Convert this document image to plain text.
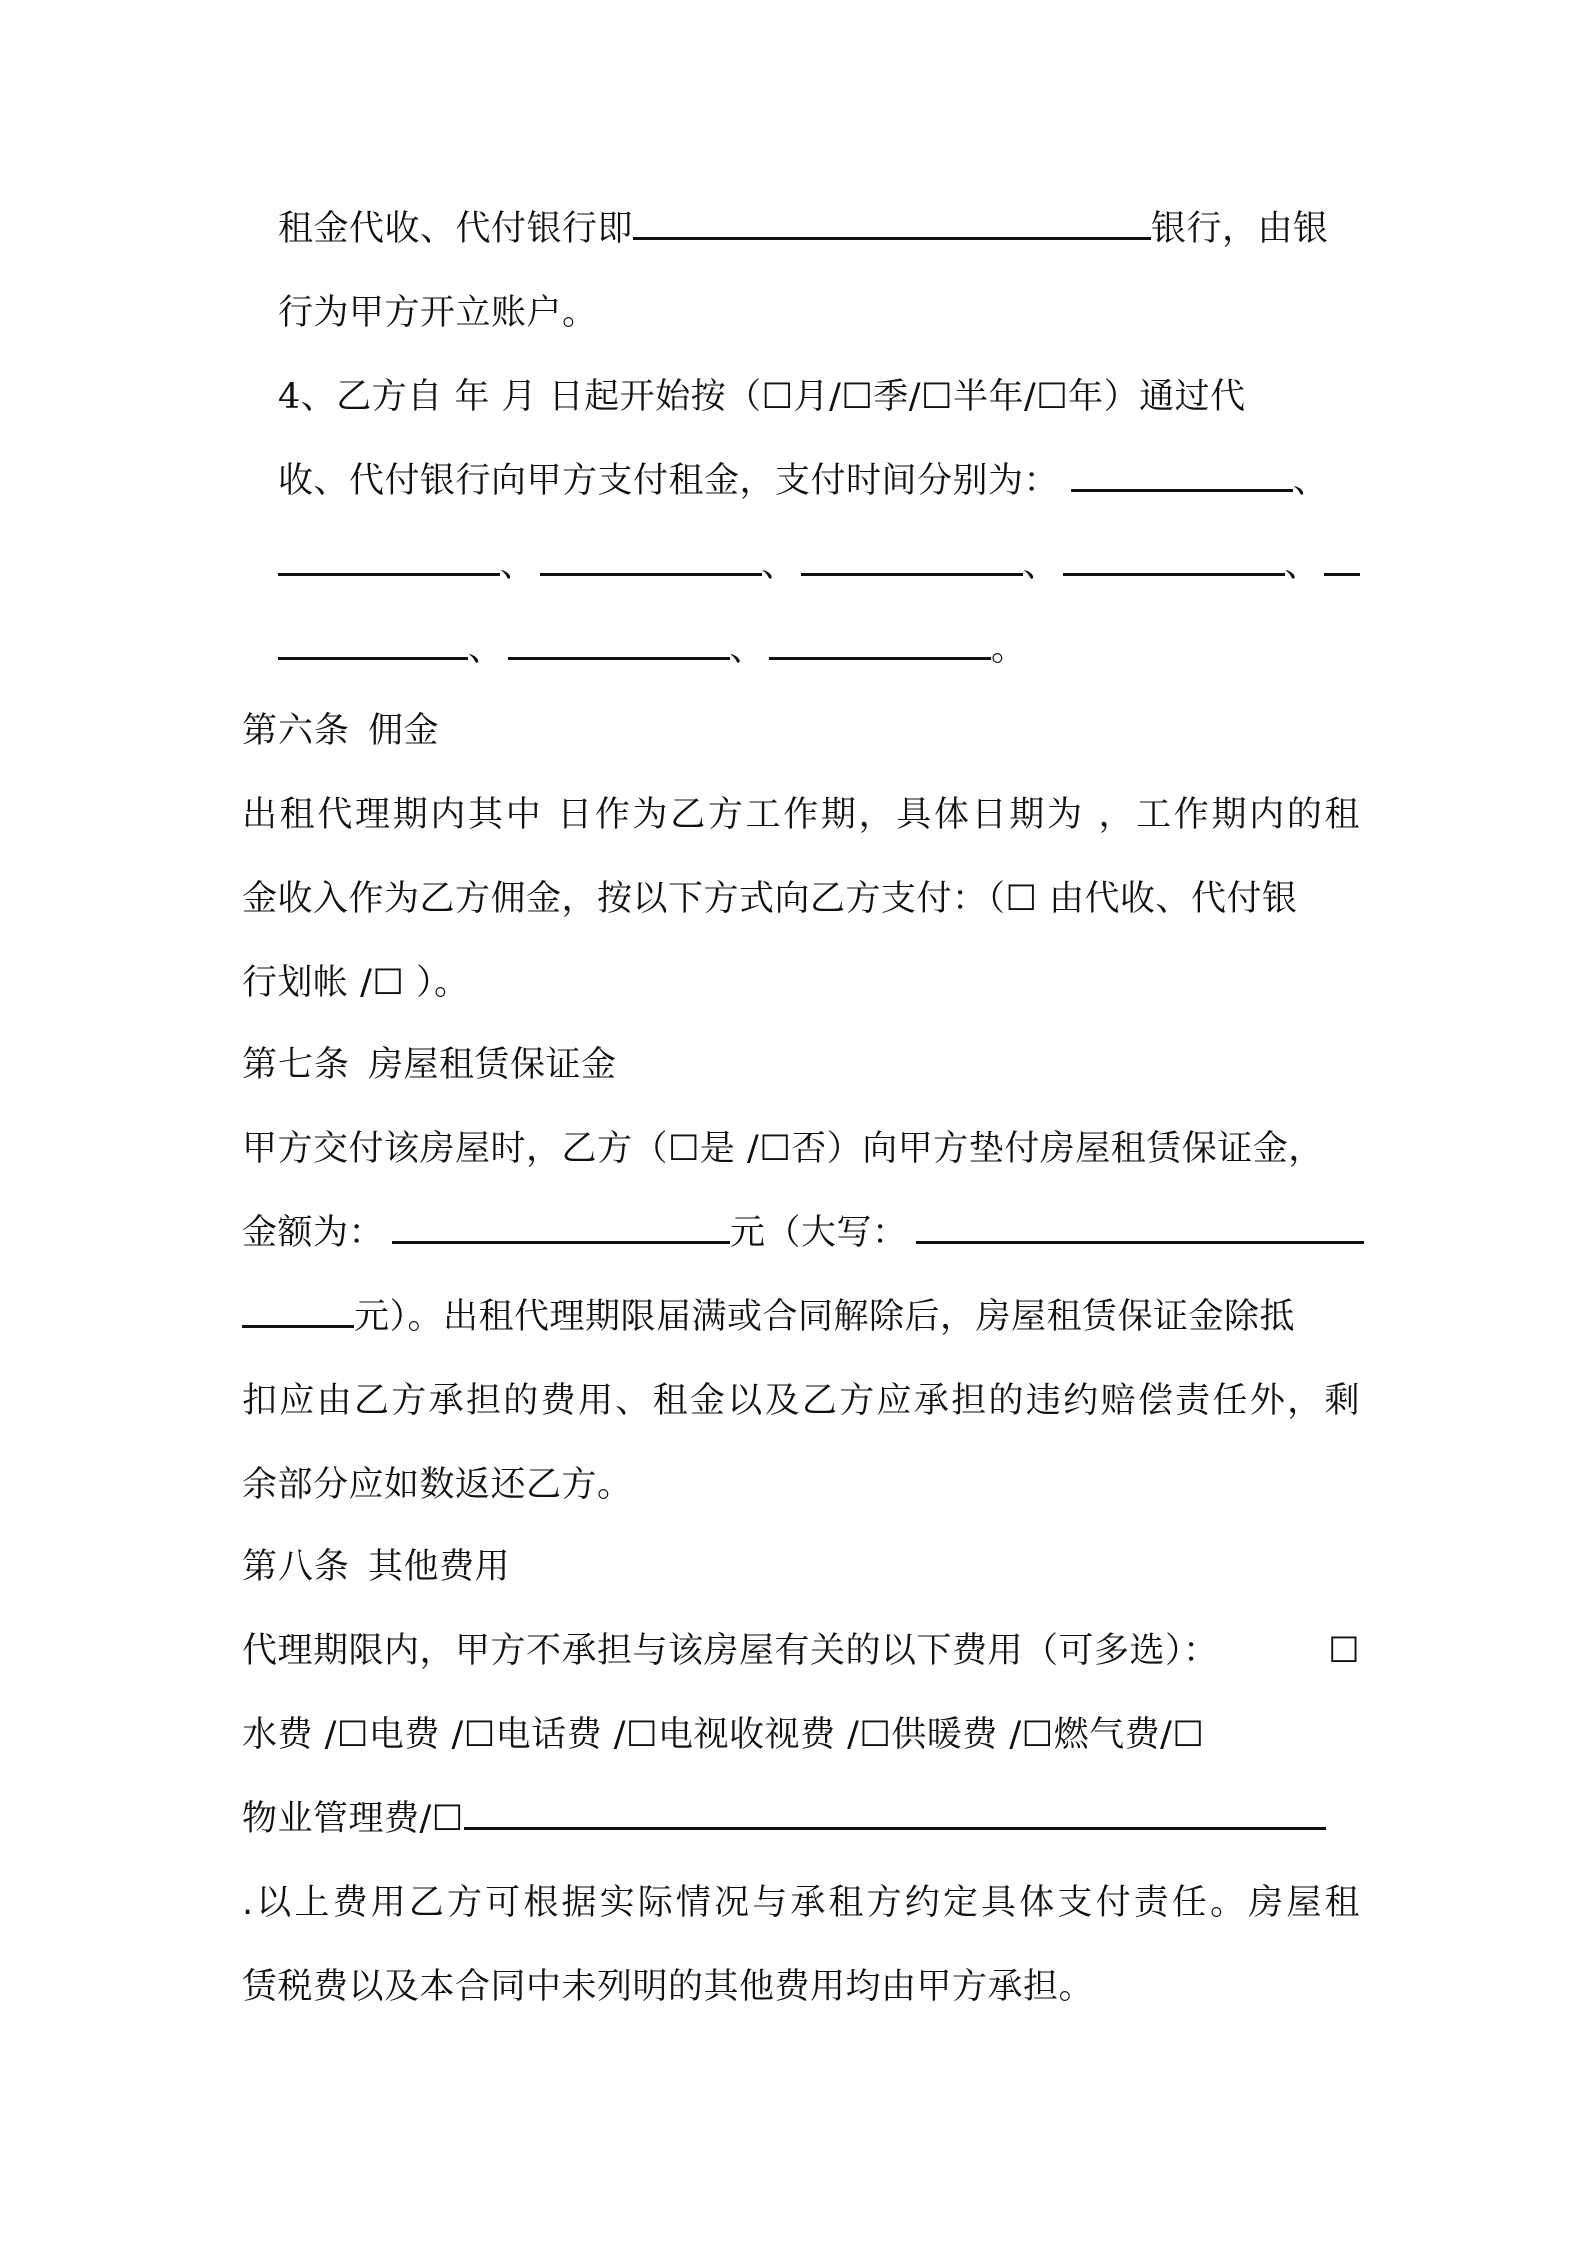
租金代收、代付银行即	银行，由银
行为甲方开立账户。
4、乙方自 年 月 日起开始按（☐月/☐季/☐半年/☐年）通过代
收、代付银行向甲方支付租金，支付时间分别为：	、
、	、	、	、
、	、	。
第六条 佣金
出租代理期内其中 日作为乙方工作期，具体日期为 ，工作期内的租
金收入作为乙方佣金，按以下方式向乙方支付：（☐ 由代收、代付银
行划帐 /☐ ）。
第七条 房屋租赁保证金
甲方交付该房屋时，乙方（☐是 /☐否）向甲方垫付房屋租赁保证金，
金额为：	元（大写：
元）。出租代理期限届满或合同解除后，房屋租赁保证金除抵
扣应由乙方承担的费用、租金以及乙方应承担的违约赔偿责任外，剩
余部分应如数返还乙方。
第八条 其他费用
代理期限内，甲方不承担与该房屋有关的以下费用（可多选）：	☐
水费 /☐电费 /☐电话费 /☐电视收视费 /☐供暖费 /☐燃气费/☐
物业管理费/☐
.以上费用乙方可根据实际情况与承租方约定具体支付责任。房屋租
赁税费以及本合同中未列明的其他费用均由甲方承担。
